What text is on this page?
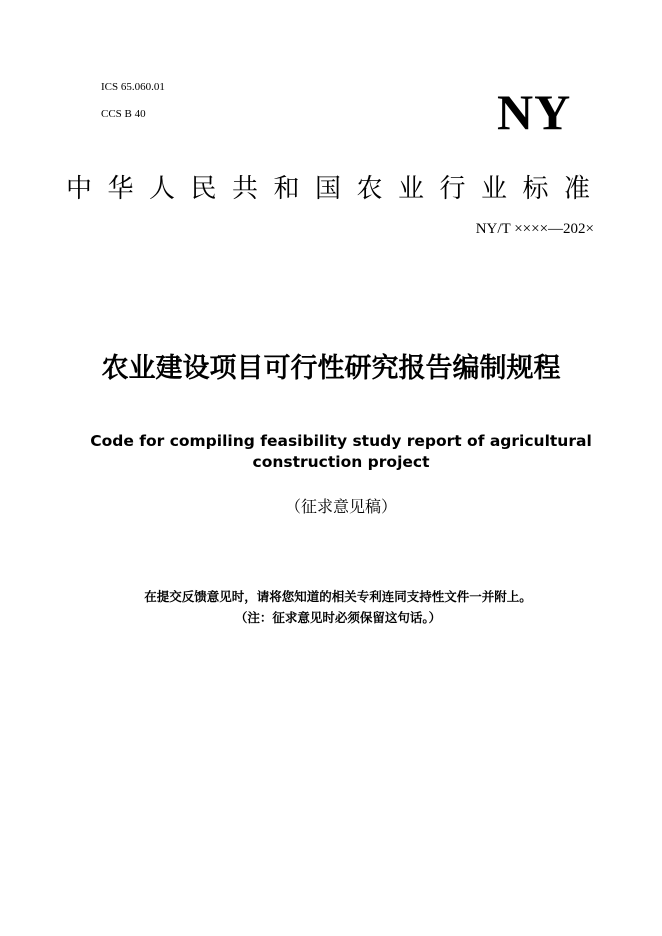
ICS 65.060.01
CCS B 40	NY
中华人民共和国农业行业标准
NY/T ××××—202×
农业建设项目可行性研究报告编制规程
Code for compiling feasibility study report of agricultural construction project
（征求意见稿）
在提交反馈意见时，请将您知道的相关专利连同支持性文件一并附上。
（注：征求意见时必须保留这句话。）
